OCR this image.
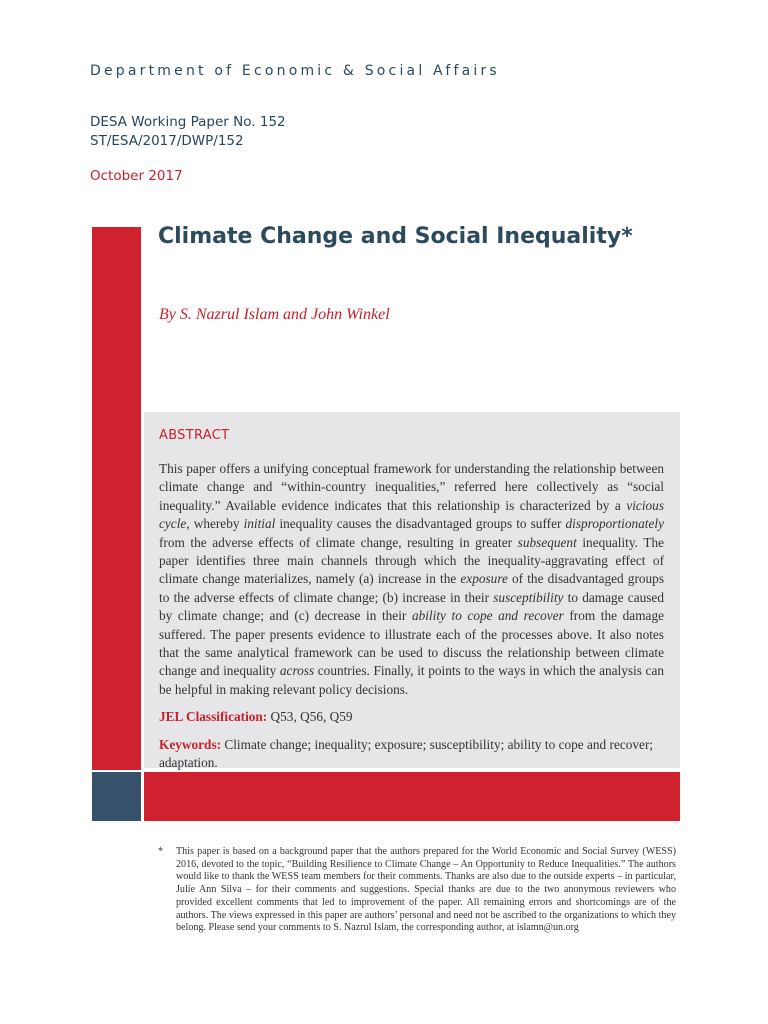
Department of Economic & Social Affairs
DESA Working Paper No. 152
ST/ESA/2017/DWP/152
October 2017
Climate Change and Social Inequality*
By S. Nazrul Islam and John Winkel
ABSTRACT
This paper offers a unifying conceptual framework for understanding the relationship between climate change and “within-country inequalities,” referred here collectively as “social inequality.” Available evidence indicates that this relationship is characterized by a vicious cycle, whereby initial inequality causes the disadvantaged groups to suffer disproportionately from the adverse effects of climate change, resulting in greater subsequent inequality. The paper identifies three main channels through which the inequality-aggravating effect of climate change materializes, namely (a) increase in the exposure of the disadvantaged groups to the adverse effects of climate change; (b) increase in their susceptibility to damage caused by climate change; and (c) decrease in their ability to cope and recover from the damage suffered. The paper presents evidence to illustrate each of the processes above. It also notes that the same analytical framework can be used to discuss the relationship between climate change and inequality across countries. Finally, it points to the ways in which the analysis can be helpful in making relevant policy decisions.
JEL Classification: Q53, Q56, Q59
Keywords: Climate change; inequality; exposure; susceptibility; ability to cope and recover; adaptation.
* This paper is based on a background paper that the authors prepared for the World Economic and Social Survey (WESS) 2016, devoted to the topic, “Building Resilience to Climate Change – An Opportunity to Reduce Inequalities.” The authors would like to thank the WESS team members for their comments. Thanks are also due to the outside experts – in particular, Julie Ann Silva – for their comments and suggestions. Special thanks are due to the two anonymous reviewers who provided excellent comments that led to improvement of the paper. All remaining errors and shortcomings are of the authors. The views expressed in this paper are authors’ personal and need not be ascribed to the organizations to which they belong. Please send your comments to S. Nazrul Islam, the corresponding author, at islamn@un.org
